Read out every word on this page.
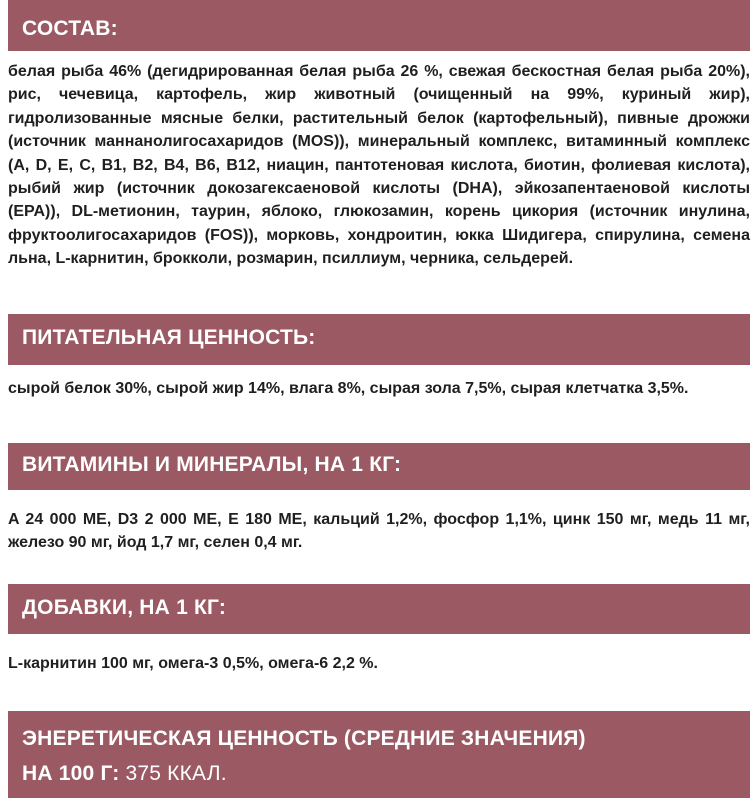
СОСТАВ:
белая рыба 46% (дегидрированная белая рыба 26 %, свежая бескостная белая рыба 20%), рис, чечевица, картофель, жир животный (очищенный на 99%, куриный жир), гидролизованные мясные белки, растительный белок (картофельный), пивные дрожжи (источник маннанолигосахаридов (MOS)), минеральный комплекс, витаминный комплекс (A, D, E, C, B1, B2, B4, B6, B12, ниацин, пантотеновая кислота, биотин, фолиевая кислота), рыбий жир (источник докозагексаеновой кислоты (DHA), эйкозапентаеновой кислоты (EPA)), DL-метионин, таурин, яблоко, глюкозамин, корень цикория (источник инулина, фруктоолигосахаридов (FOS)), морковь, хондроитин, юкка Шидигера, спирулина, семена льна, L-карнитин, брокколи, розмарин, псиллиум, черника, сельдерей.
ПИТАТЕЛЬНАЯ ЦЕННОСТЬ:
сырой белок 30%, сырой жир 14%, влага 8%, сырая зола 7,5%, сырая клетчатка 3,5%.
ВИТАМИНЫ И МИНЕРАЛЫ, НА 1 КГ:
A 24 000 МЕ, D3 2 000 МЕ, E 180 МЕ, кальций 1,2%, фосфор 1,1%, цинк 150 мг, медь 11 мг, железо 90 мг, йод 1,7 мг, селен 0,4 мг.
ДОБАВКИ, НА 1 КГ:
L-карнитин 100 мг, омега-3 0,5%, омега-6 2,2 %.
ЭНЕРЕТИЧЕСКАЯ ЦЕННОСТЬ (СРЕДНИЕ ЗНАЧЕНИЯ)
НА 100 Г: 375 ККАЛ.
